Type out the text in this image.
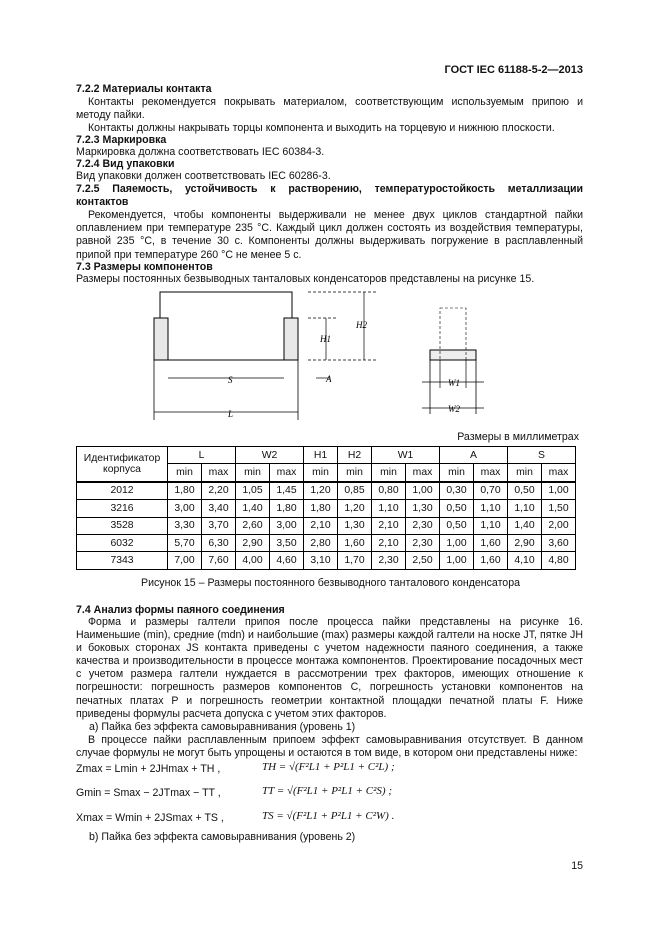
ГОСТ IEC 61188-5-2—2013
7.2.2 Материалы контакта
Контакты рекомендуется покрывать материалом, соответствующим используемым припою и методу пайки.
Контакты должны накрывать торцы компонента и выходить на торцевую и нижнюю плоскости.
7.2.3 Маркировка
Маркировка должна соответствовать IEC 60384-3.
7.2.4 Вид упаковки
Вид упаковки должен соответствовать IEC 60286-3.
7.2.5 Паяемость, устойчивость к растворению, температуростойкость металлизации контактов
Рекомендуется, чтобы компоненты выдерживали не менее двух циклов стандартной пайки оплавлением при температуре 235 °С. Каждый цикл должен состоять из воздействия температуры, равной 235 °С, в течение 30 с. Компоненты должны выдерживать погружение в расплавленный припой при температуре 260 °С не менее 5 с.
7.3 Размеры компонентов
Размеры постоянных безвыводных танталовых конденсаторов представлены на рисунке 15.
H1
H2
S	A
L
W1
W2
Размеры в миллиметрах
Идентификатор корпуса	L		W2		H1	H2	W1		A		S	
	min	max	min	max	min	min	min	max	min	max	min	max
2012	1,80	2,20	1,05	1,45	1,20	0,85	0,80	1,00	0,30	0,70	0,50	1,00
3216	3,00	3,40	1,40	1,80	1,80	1,20	1,10	1,30	0,50	1,10	1,10	1,50
3528	3,30	3,70	2,60	3,00	2,10	1,30	2,10	2,30	0,50	1,10	1,40	2,00
6032	5,70	6,30	2,90	3,50	2,80	1,60	2,10	2,30	1,00	1,60	2,90	3,60
7343	7,00	7,60	4,00	4,60	3,10	1,70	2,30	2,50	1,00	1,60	4,10	4,80
Рисунок 15 – Размеры постоянного безвыводного танталового конденсатора
7.4 Анализ формы паяного соединения
Форма и размеры галтели припоя после процесса пайки представлены на рисунке 16.
Наименьшие (min), средние (mdn) и наибольшие (max) размеры каждой галтели на носке JT, пятке JH
и боковых сторонах JS контакта приведены с учетом надежности паяного соединения, а также
качества и производительности в процессе монтажа компонентов. Проектирование посадочных мест
с учетом размера галтели нуждается в рассмотрении трех факторов, имеющих отношение к
погрешности: погрешность размеров компонентов C, погрешность установки компонентов на
печатных платах P и погрешность геометрии контактной площадки печатной платы F. Ниже
приведены формулы расчета допуска с учетом этих факторов.
а) Пайка без эффекта самовыравнивания (уровень 1)
В процессе пайки расплавленным припоем эффект самовыравнивания отсутствует. В данном
случае формулы не могут быть упрощены и остаются в том виде, в котором они представлены ниже:
Zmax = Lmin + 2JHmax + TH ,	TH = √(F²L1 + P²L1 + C²L) ;
Gmin = Smax − 2JTmax − TT ,	TT = √(F²L1 + P²L1 + C²S) ;
Xmax = Wmin + 2JSmax + TS ,	TS = √(F²L1 + P²L1 + C²W) .
b) Пайка без эффекта самовыравнивания (уровень 2)
15
